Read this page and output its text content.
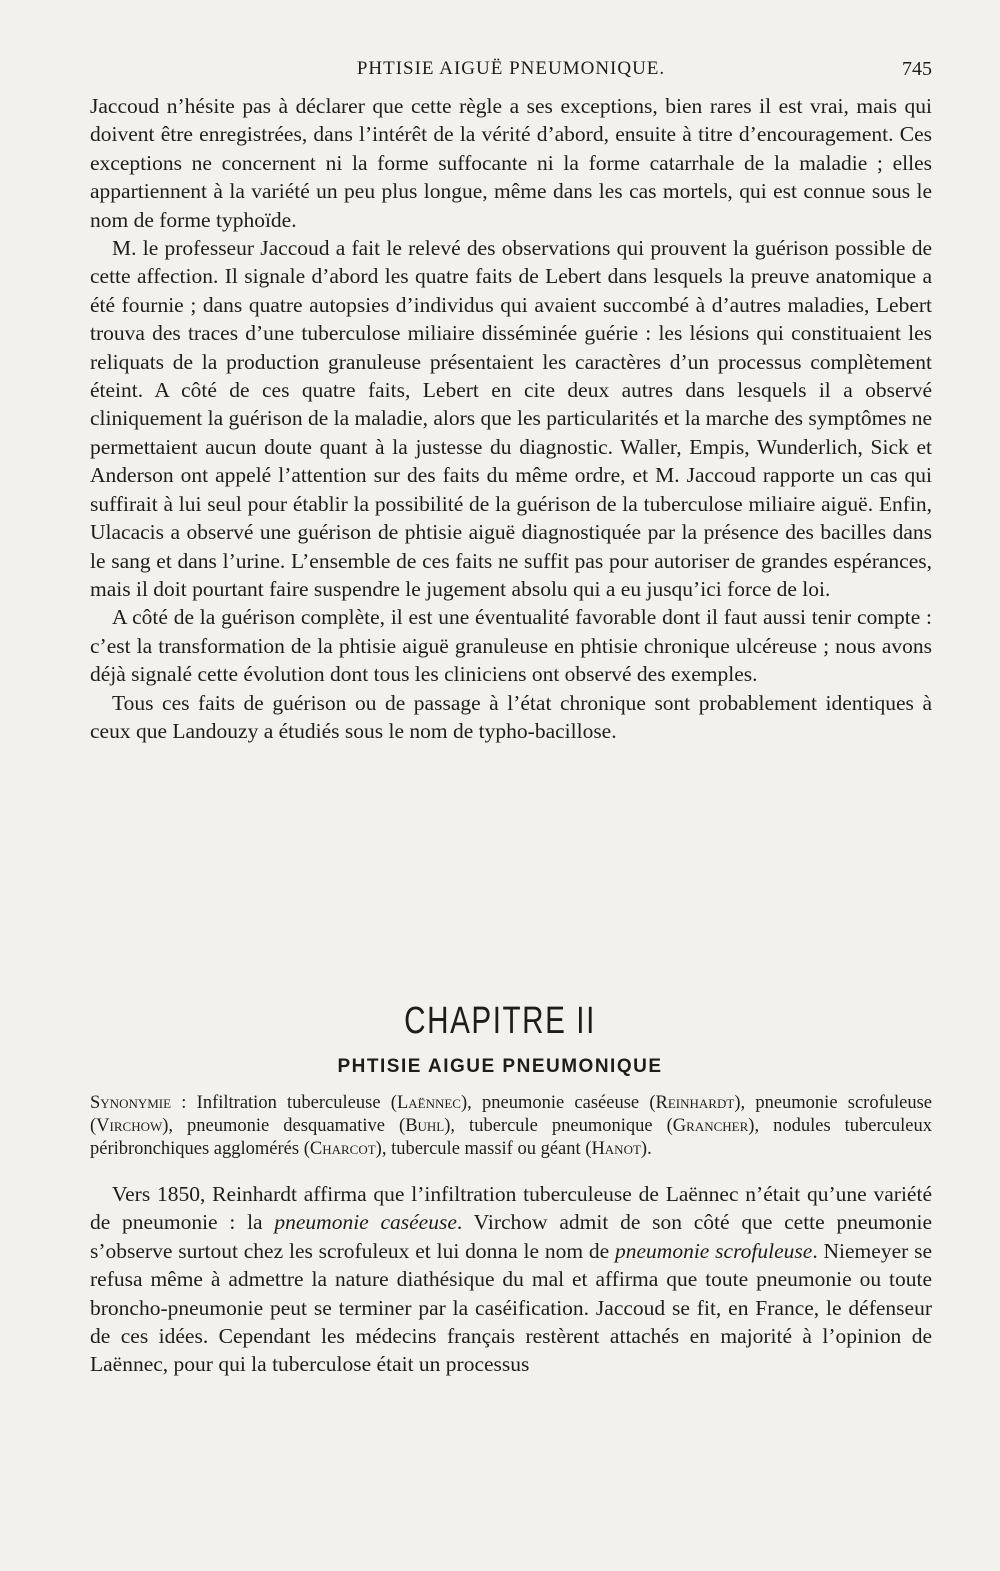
PHTISIE AIGUË PNEUMONIQUE.	745

Jaccoud n’hésite pas à déclarer que cette règle a ses exceptions, bien rares il est vrai, mais qui doivent être enregistrées, dans l’intérêt de la vérité d’abord, ensuite à titre d’encouragement. Ces exceptions ne concernent ni la forme suffocante ni la forme catarrhale de la maladie ; elles appartiennent à la variété un peu plus longue, même dans les cas mortels, qui est connue sous le nom de forme typhoïde.

M. le professeur Jaccoud a fait le relevé des observations qui prouvent la guérison possible de cette affection. Il signale d’abord les quatre faits de Lebert dans lesquels la preuve anatomique a été fournie ; dans quatre autopsies d’individus qui avaient succombé à d’autres maladies, Lebert trouva des traces d’une tuberculose miliaire disséminée guérie : les lésions qui constituaient les reliquats de la production granuleuse présentaient les caractères d’un processus complètement éteint. A côté de ces quatre faits, Lebert en cite deux autres dans lesquels il a observé cliniquement la guérison de la maladie, alors que les particularités et la marche des symptômes ne permettaient aucun doute quant à la justesse du diagnostic. Waller, Empis, Wunderlich, Sick et Anderson ont appelé l’attention sur des faits du même ordre, et M. Jaccoud rapporte un cas qui suffirait à lui seul pour établir la possibilité de la guérison de la tuberculose miliaire aiguë. Enfin, Ulacacis a observé une guérison de phtisie aiguë diagnostiquée par la présence des bacilles dans le sang et dans l’urine. L’ensemble de ces faits ne suffit pas pour autoriser de grandes espérances, mais il doit pourtant faire suspendre le jugement absolu qui a eu jusqu’ici force de loi.

A côté de la guérison complète, il est une éventualité favorable dont il faut aussi tenir compte : c’est la transformation de la phtisie aiguë granuleuse en phtisie chronique ulcéreuse ; nous avons déjà signalé cette évolution dont tous les cliniciens ont observé des exemples.

Tous ces faits de guérison ou de passage à l’état chronique sont probablement identiques à ceux que Landouzy a étudiés sous le nom de typho-bacillose.

CHAPITRE II
PHTISIE AIGUE PNEUMONIQUE
Synonymie : Infiltration tuberculeuse (Laënnec), pneumonie caséeuse (Reinhardt), pneumonie scrofuleuse (Virchow), pneumonie desquamative (Buhl), tubercule pneumonique (Grancher), nodules tuberculeux péribronchiques agglomérés (Charcot), tubercule massif ou géant (Hanot).

Vers 1850, Reinhardt affirma que l’infiltration tuberculeuse de Laënnec n’était qu’une variété de pneumonie : la pneumonie caséeuse. Virchow admit de son côté que cette pneumonie s’observe surtout chez les scrofuleux et lui donna le nom de pneumonie scrofuleuse. Niemeyer se refusa même à admettre la nature diathésique du mal et affirma que toute pneumonie ou toute broncho-pneumonie peut se terminer par la caséification. Jaccoud se fit, en France, le défenseur de ces idées. Cependant les médecins français restèrent attachés en majorité à l’opinion de Laënnec, pour qui la tuberculose était un processus
